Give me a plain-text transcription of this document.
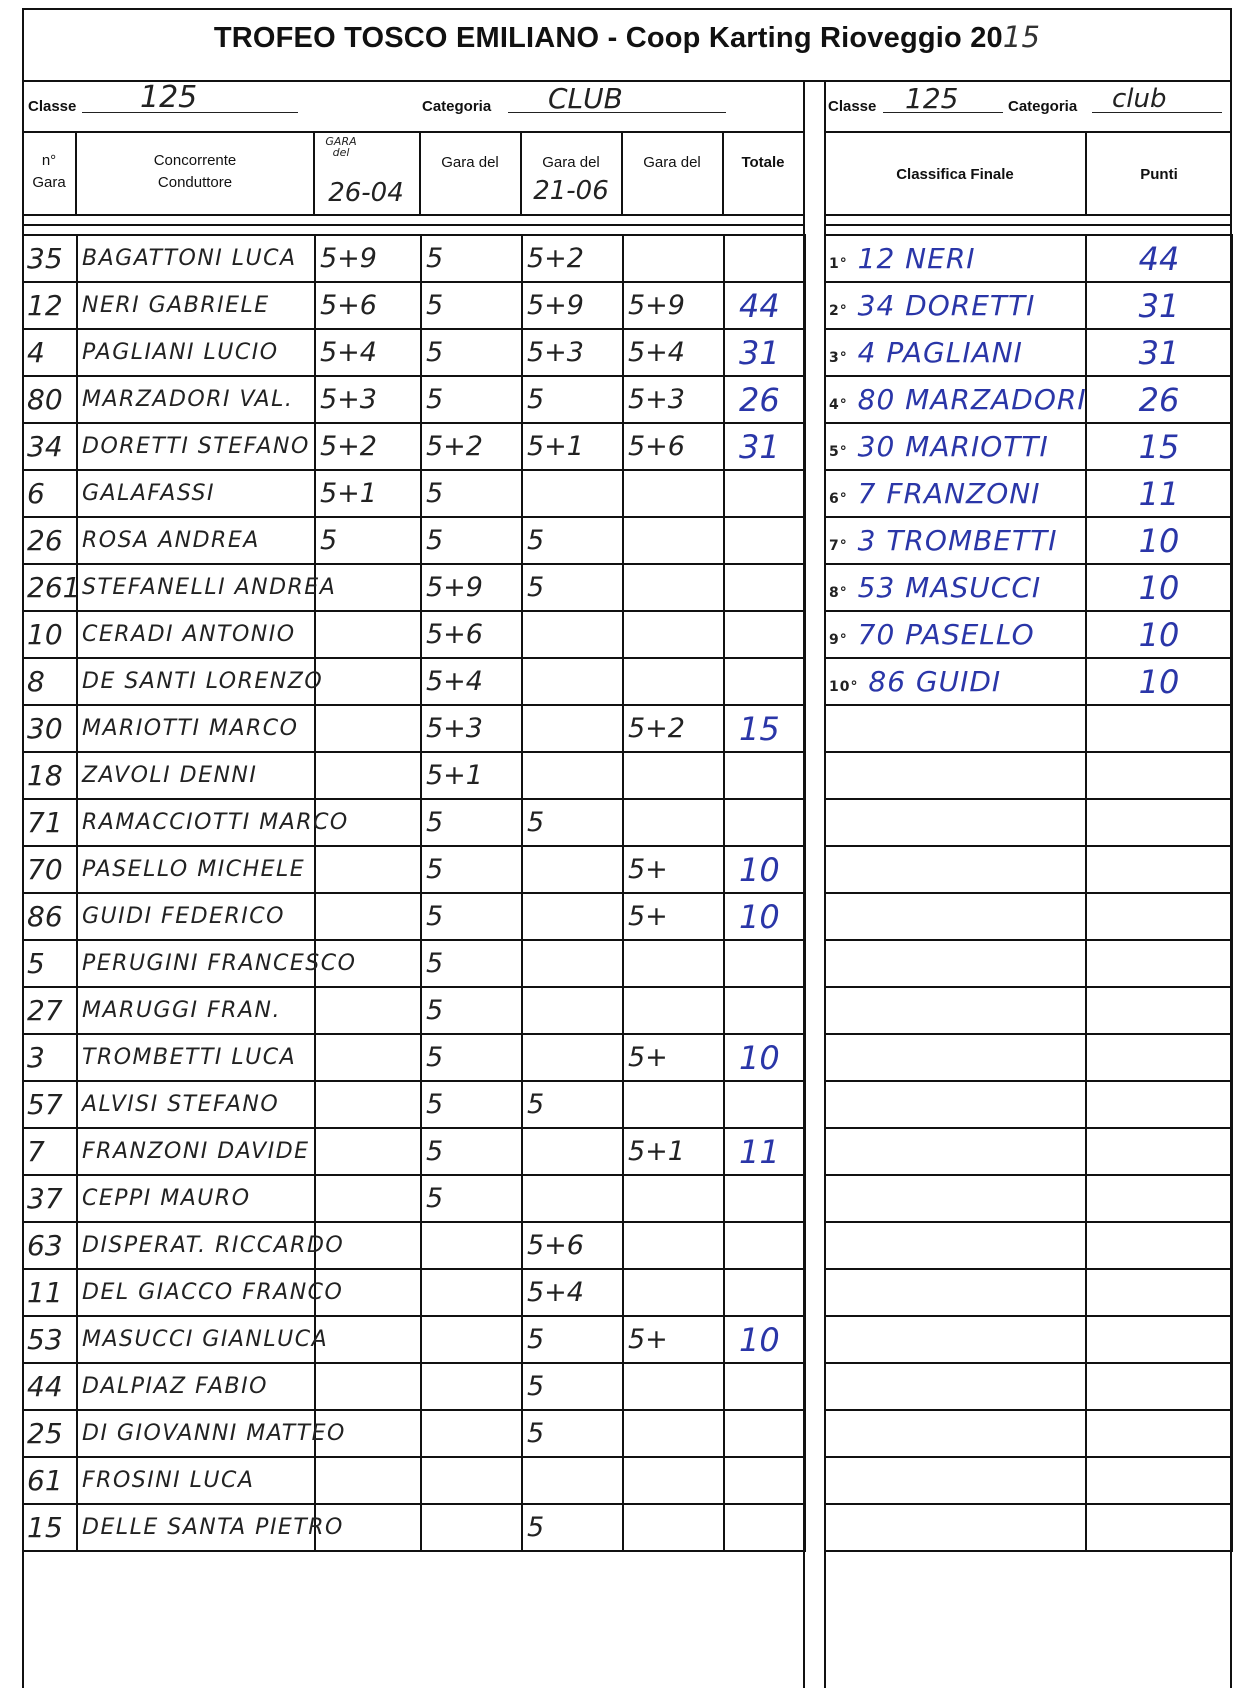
TROFEO TOSCO EMILIANO - Coop Karting Rioveggio 2015
Classe 125	Categoria CLUB	Classe 125	Categoria club
n°
Gara
Concorrente
Conduttore
GARA del
26-04
Gara del	Gara del
21-06
Gara del	Totale
Classifica Finale	Punti
35	BAGATTONI LUCA	5+9	5	5+2		
12	NERI GABRIELE	5+6	5	5+9	5+9	44
4	PAGLIANI LUCIO	5+4	5	5+3	5+4	31
80	MARZADORI VAL.	5+3	5	5	5+3	26
34	DORETTI STEFANO	5+2	5+2	5+1	5+6	31
6	GALAFASSI	5+1	5			
26	ROSA ANDREA	5	5	5		
261	STEFANELLI ANDREA		5+9	5		
10	CERADI ANTONIO		5+6			
8	DE SANTI LORENZO		5+4			
30	MARIOTTI MARCO		5+3		5+2	15
18	ZAVOLI DENNI		5+1			
71	RAMACCIOTTI MARCO		5	5		
70	PASELLO MICHELE		5		5+	10
86	GUIDI FEDERICO		5		5+	10
5	PERUGINI FRANCESCO		5			
27	MARUGGI FRAN.		5			
3	TROMBETTI LUCA		5		5+	10
57	ALVISI STEFANO		5	5		
7	FRANZONI DAVIDE		5		5+1	11
37	CEPPI MAURO		5			
63	DISPERAT. RICCARDO			5+6		
11	DEL GIACCO FRANCO			5+4		
53	MASUCCI GIANLUCA			5	5+	10
44	DALPIAZ FABIO			5		
25	DI GIOVANNI MATTEO			5		
61	FROSINI LUCA					
15	DELLE SANTA PIETRO			5		
1° 12 NERI	44
2° 34 DORETTI	31
3° 4 PAGLIANI	31
4° 80 MARZADORI	26
5° 30 MARIOTTI	15
6° 7 FRANZONI	11
7° 3 TROMBETTI	10
8° 53 MASUCCI	10
9° 70 PASELLO	10
10° 86 GUIDI	10
